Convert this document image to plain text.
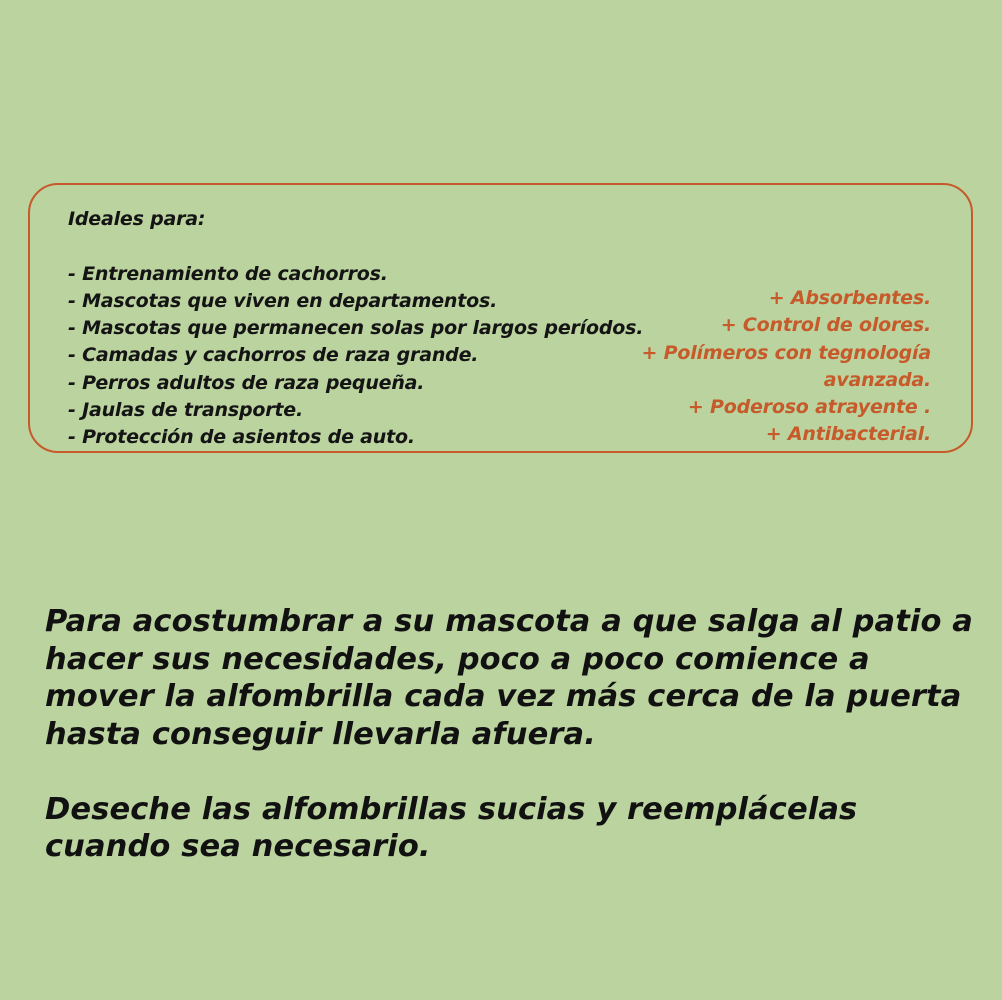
Ideales para:
- Entrenamiento de cachorros.
- Mascotas que viven en departamentos.
- Mascotas que permanecen solas por largos períodos.
- Camadas y cachorros de raza grande.
- Perros adultos de raza pequeña.
- Jaulas de transporte.
- Protección de asientos de auto.
+ Absorbentes.
+ Control de olores.
+ Polímeros con tegnología
avanzada.
+ Poderoso atrayente .
+ Antibacterial.
Para acostumbrar a su mascota a que salga al patio a
hacer sus necesidades, poco a poco comience a
mover la alfombrilla cada vez más cerca de la puerta
hasta conseguir llevarla afuera.
Deseche las alfombrillas sucias y reemplácelas
cuando sea necesario.
